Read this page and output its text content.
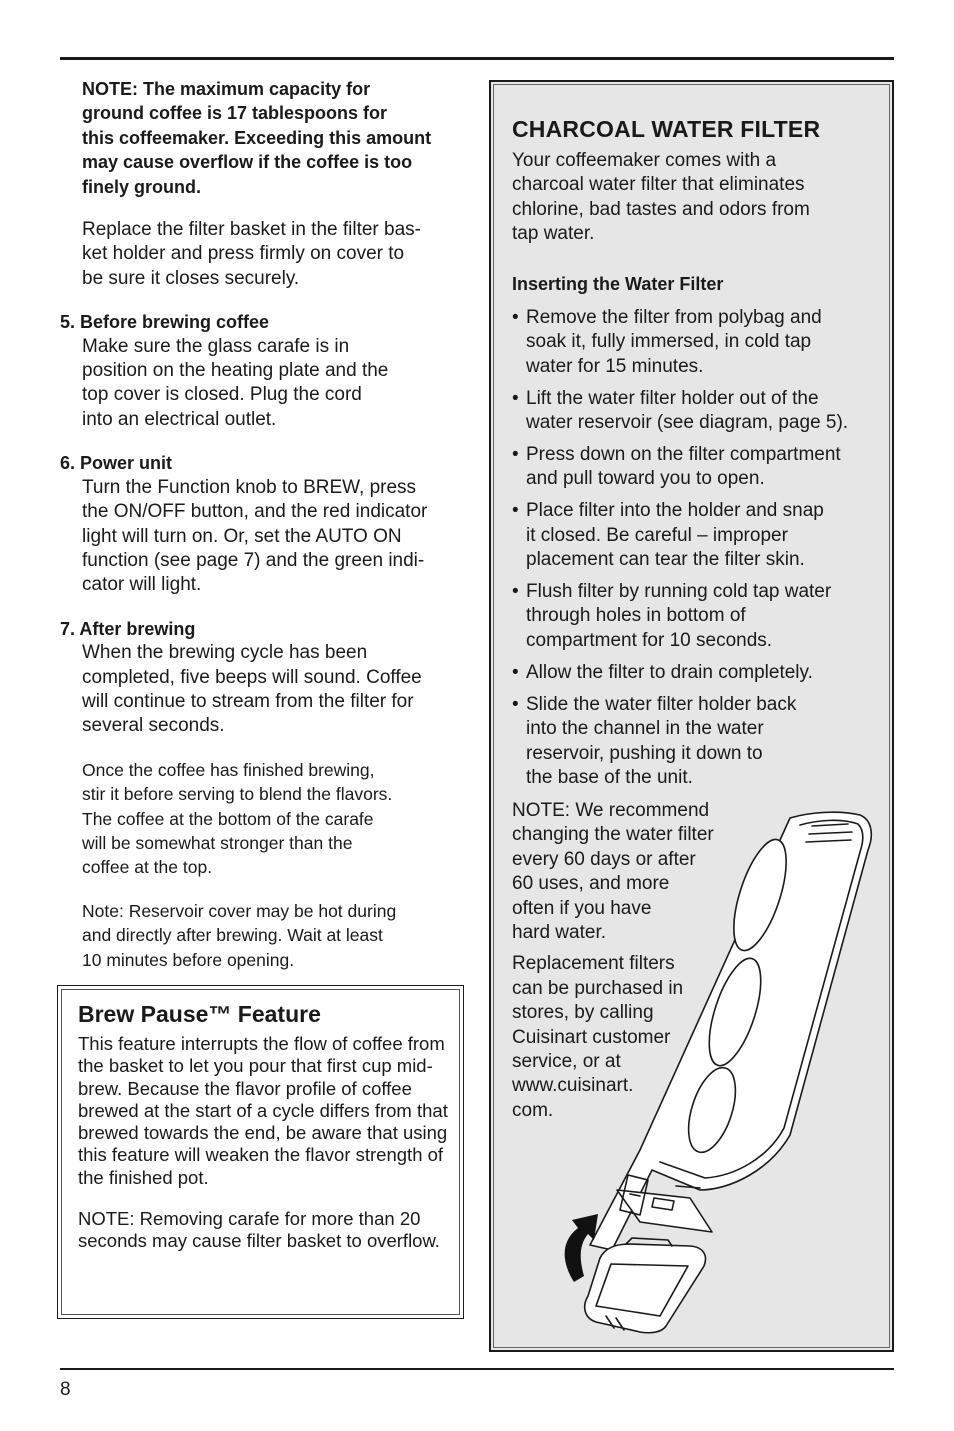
NOTE: The maximum capacity for
ground coffee is 17 tablespoons for
this coffeemaker. Exceeding this amount
may cause overflow if the coffee is too
finely ground.
Replace the filter basket in the filter bas-
ket holder and press firmly on cover to
be sure it closes securely.
5. Before brewing coffee
Make sure the glass carafe is in
position on the heating plate and the
top cover is closed. Plug the cord
into an electrical outlet.
6. Power unit
Turn the Function knob to BREW, press
the ON/OFF button, and the red indicator
light will turn on. Or, set the AUTO ON
function (see page 7) and the green indi-
cator will light.
7. After brewing
When the brewing cycle has been
completed, five beeps will sound. Coffee
will continue to stream from the filter for
several seconds.
Once the coffee has finished brewing,
stir it before serving to blend the flavors.
The coffee at the bottom of the carafe
will be somewhat stronger than the
coffee at the top.
Note: Reservoir cover may be hot during
and directly after brewing. Wait at least
10 minutes before opening.
Brew Pause™ Feature

This feature interrupts the flow of coffee from the basket to let you pour that first cup mid-brew. Because the flavor profile of coffee brewed at the start of a cycle differs from that brewed towards the end, be aware that using this feature will weaken the flavor strength of the finished pot.

NOTE: Removing carafe for more than 20 seconds may cause filter basket to overflow.

CHARCOAL WATER FILTER
Your coffeemaker comes with a
charcoal water filter that eliminates
chlorine, bad tastes and odors from
tap water.
Inserting the Water Filter
• Remove the filter from polybag and
soak it, fully immersed, in cold tap
water for 15 minutes.
• Lift the water filter holder out of the
water reservoir (see diagram, page 5).
• Press down on the filter compartment
and pull toward you to open.
• Place filter into the holder and snap
it closed. Be careful – improper
placement can tear the filter skin.
• Flush filter by running cold tap water
through holes in bottom of
compartment for 10 seconds.
• Allow the filter to drain completely.
• Slide the water filter holder back
into the channel in the water
reservoir, pushing it down to
the base of the unit.

NOTE: We recommend
changing the water filter
every 60 days or after
60 uses, and more
often if you have
hard water.

Replacement filters
can be purchased in
stores, by calling
Cuisinart customer
service, or at
www.cuisinart.
com.

8
